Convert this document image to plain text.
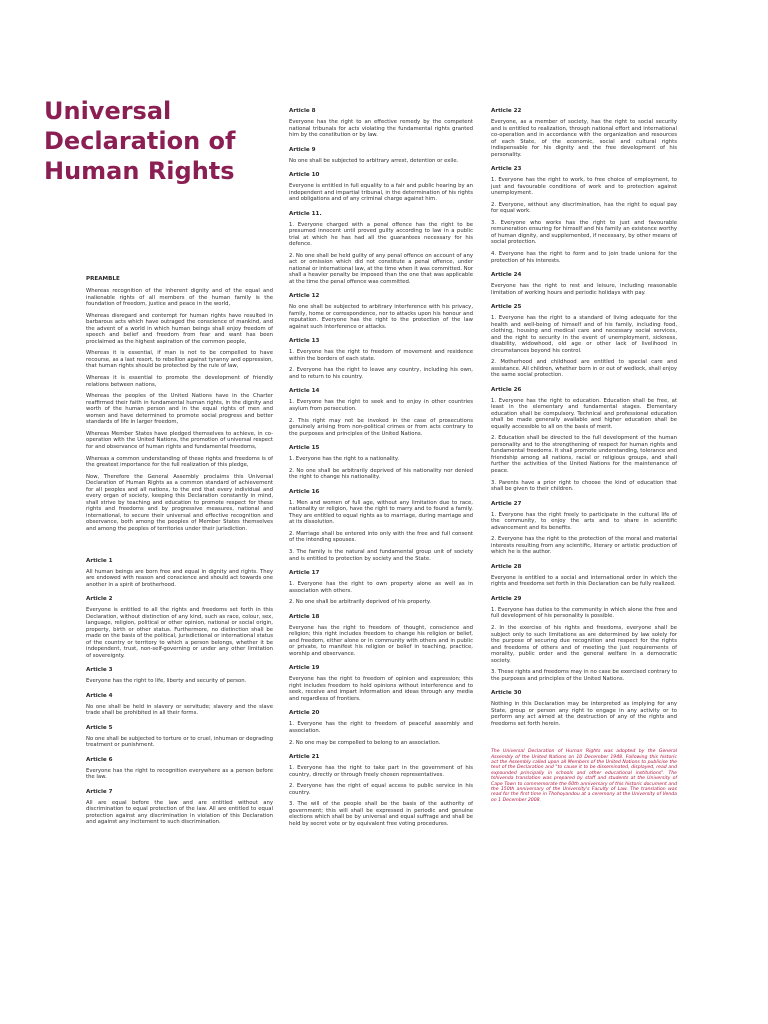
Universal
Declaration of
Human Rights
PREAMBLE

Whereas recognition of the inherent dignity and of the equal and inalienable rights of all members of the human family is the foundation of freedom, justice and peace in the world,

Whereas disregard and contempt for human rights have resulted in barbarous acts which have outraged the conscience of mankind, and the advent of a world in which human beings shall enjoy freedom of speech and belief and freedom from fear and want has been proclaimed as the highest aspiration of the common people,

Whereas it is essential, if man is not to be compelled to have recourse, as a last resort, to rebellion against tyranny and oppression, that human rights should be protected by the rule of law,

Whereas it is essential to promote the development of friendly relations between nations,

Whereas the peoples of the United Nations have in the Charter reaffirmed their faith in fundamental human rights, in the dignity and worth of the human person and in the equal rights of men and women and have determined to promote social progress and better standards of life in larger freedom,

Whereas Member States have pledged themselves to achieve, in co-operation with the United Nations, the promotion of universal respect for and observance of human rights and fundamental freedoms,

Whereas a common understanding of these rights and freedoms is of the greatest importance for the full realization of this pledge,

Now, Therefore the General Assembly proclaims this Universal Declaration of Human Rights as a common standard of achievement for all peoples and all nations, to the end that every individual and every organ of society, keeping this Declaration constantly in mind, shall strive by teaching and education to promote respect for these rights and freedoms and by progressive measures, national and international, to secure their universal and effective recognition and observance, both among the peoples of Member States themselves and among the peoples of territories under their jurisdiction.

Article 1

All human beings are born free and equal in dignity and rights. They are endowed with reason and conscience and should act towards one another in a spirit of brotherhood.

Article 2

Everyone is entitled to all the rights and freedoms set forth in this Declaration, without distinction of any kind, such as race, colour, sex, language, religion, political or other opinion, national or social origin, property, birth or other status. Furthermore, no distinction shall be made on the basis of the political, jurisdictional or international status of the country or territory to which a person belongs, whether it be independent, trust, non-self-governing or under any other limitation of sovereignty.

Article 3

Everyone has the right to life, liberty and security of person.

Article 4

No one shall be held in slavery or servitude; slavery and the slave trade shall be prohibited in all their forms.

Article 5

No one shall be subjected to torture or to cruel, inhuman or degrading treatment or punishment.

Article 6

Everyone has the right to recognition everywhere as a person before the law.

Article 7

All are equal before the law and are entitled without any discrimination to equal protection of the law. All are entitled to equal protection against any discrimination in violation of this Declaration and against any incitement to such discrimination.

Article 8

Everyone has the right to an effective remedy by the competent national tribunals for acts violating the fundamental rights granted him by the constitution or by law.

Article 9

No one shall be subjected to arbitrary arrest, detention or exile.

Article 10

Everyone is entitled in full equality to a fair and public hearing by an independent and impartial tribunal, in the determination of his rights and obligations and of any criminal charge against him.

Article 11.

1. Everyone charged with a penal offence has the right to be presumed innocent until proved guilty according to law in a public trial at which he has had all the guarantees necessary for his defence.

2. No one shall be held guilty of any penal offence on account of any act or omission which did not constitute a penal offence, under national or international law, at the time when it was committed. Nor shall a heavier penalty be imposed than the one that was applicable at the time the penal offence was committed.

Article 12

No one shall be subjected to arbitrary interference with his privacy, family, home or correspondence, nor to attacks upon his honour and reputation. Everyone has the right to the protection of the law against such interference or attacks.

Article 13

1. Everyone has the right to freedom of movement and residence within the borders of each state.

2. Everyone has the right to leave any country, including his own, and to return to his country.

Article 14

1. Everyone has the right to seek and to enjoy in other countries asylum from persecution.

2. This right may not be invoked in the case of prosecutions genuinely arising from non-political crimes or from acts contrary to the purposes and principles of the United Nations.

Article 15

1. Everyone has the right to a nationality.

2. No one shall be arbitrarily deprived of his nationality nor denied the right to change his nationality.

Article 16

1. Men and women of full age, without any limitation due to race, nationality or religion, have the right to marry and to found a family. They are entitled to equal rights as to marriage, during marriage and at its dissolution.

2. Marriage shall be entered into only with the free and full consent of the intending spouses.

3. The family is the natural and fundamental group unit of society and is entitled to protection by society and the State.

Article 17

1. Everyone has the right to own property alone as well as in association with others.

2. No one shall be arbitrarily deprived of his property.

Article 18

Everyone has the right to freedom of thought, conscience and religion; this right includes freedom to change his religion or belief, and freedom, either alone or in community with others and in public or private, to manifest his religion or belief in teaching, practice, worship and observance.

Article 19

Everyone has the right to freedom of opinion and expression; this right includes freedom to hold opinions without interference and to seek, receive and impart information and ideas through any media and regardless of frontiers.

Article 20

1. Everyone has the right to freedom of peaceful assembly and association.

2. No one may be compelled to belong to an association.

Article 21

1. Everyone has the right to take part in the government of his country, directly or through freely chosen representatives.

2. Everyone has the right of equal access to public service in his country.

3. The will of the people shall be the basis of the authority of government; this will shall be expressed in periodic and genuine elections which shall be by universal and equal suffrage and shall be held by secret vote or by equivalent free voting procedures.

Article 22

Everyone, as a member of society, has the right to social security and is entitled to realization, through national effort and international co-operation and in accordance with the organization and resources of each State, of the economic, social and cultural rights indispensable for his dignity and the free development of his personality.

Article 23

1. Everyone has the right to work, to free choice of employment, to just and favourable conditions of work and to protection against unemployment.

2. Everyone, without any discrimination, has the right to equal pay for equal work.

3. Everyone who works has the right to just and favourable remuneration ensuring for himself and his family an existence worthy of human dignity, and supplemented, if necessary, by other means of social protection.

4. Everyone has the right to form and to join trade unions for the protection of his interests.

Article 24

Everyone has the right to rest and leisure, including reasonable limitation of working hours and periodic holidays with pay.

Article 25

1. Everyone has the right to a standard of living adequate for the health and well-being of himself and of his family, including food, clothing, housing and medical care and necessary social services, and the right to security in the event of unemployment, sickness, disability, widowhood, old age or other lack of livelihood in circumstances beyond his control.

2. Motherhood and childhood are entitled to special care and assistance. All children, whether born in or out of wedlock, shall enjoy the same social protection.

Article 26

1. Everyone has the right to education. Education shall be free, at least in the elementary and fundamental stages. Elementary education shall be compulsory. Technical and professional education shall be made generally available and higher education shall be equally accessible to all on the basis of merit.

2. Education shall be directed to the full development of the human personality and to the strengthening of respect for human rights and fundamental freedoms. It shall promote understanding, tolerance and friendship among all nations, racial or religious groups, and shall further the activities of the United Nations for the maintenance of peace.

3. Parents have a prior right to choose the kind of education that shall be given to their children.

Article 27

1. Everyone has the right freely to participate in the cultural life of the community, to enjoy the arts and to share in scientific advancement and its benefits.

2. Everyone has the right to the protection of the moral and material interests resulting from any scientific, literary or artistic production of which he is the author.

Article 28

Everyone is entitled to a social and international order in which the rights and freedoms set forth in this Declaration can be fully realized.

Article 29

1. Everyone has duties to the community in which alone the free and full development of his personality is possible.

2. In the exercise of his rights and freedoms, everyone shall be subject only to such limitations as are determined by law solely for the purpose of securing due recognition and respect for the rights and freedoms of others and of meeting the just requirements of morality, public order and the general welfare in a democratic society.

3. These rights and freedoms may in no case be exercised contrary to the purposes and principles of the United Nations.

Article 30

Nothing in this Declaration may be interpreted as implying for any State, group or person any right to engage in any activity or to perform any act aimed at the destruction of any of the rights and freedoms set forth herein.

The Universal Declaration of Human Rights was adopted by the General Assembly of the United Nations on 10 December 1948. Following this historic act the Assembly called upon all Members of the United Nations to publicise the text of the Declaration and "to cause it to be disseminated, displayed, read and expounded principally in schools and other educational institutions". The tshivenda translation was prepared by staff and students at the University of Cape Town to commemorate the 60th anniversary of this historic document and the 150th anniversary of the University's Faculty of Law. The translation was read for the first time in Thohoyandou at a ceremony at the University of Venda on 1 December 2008.
